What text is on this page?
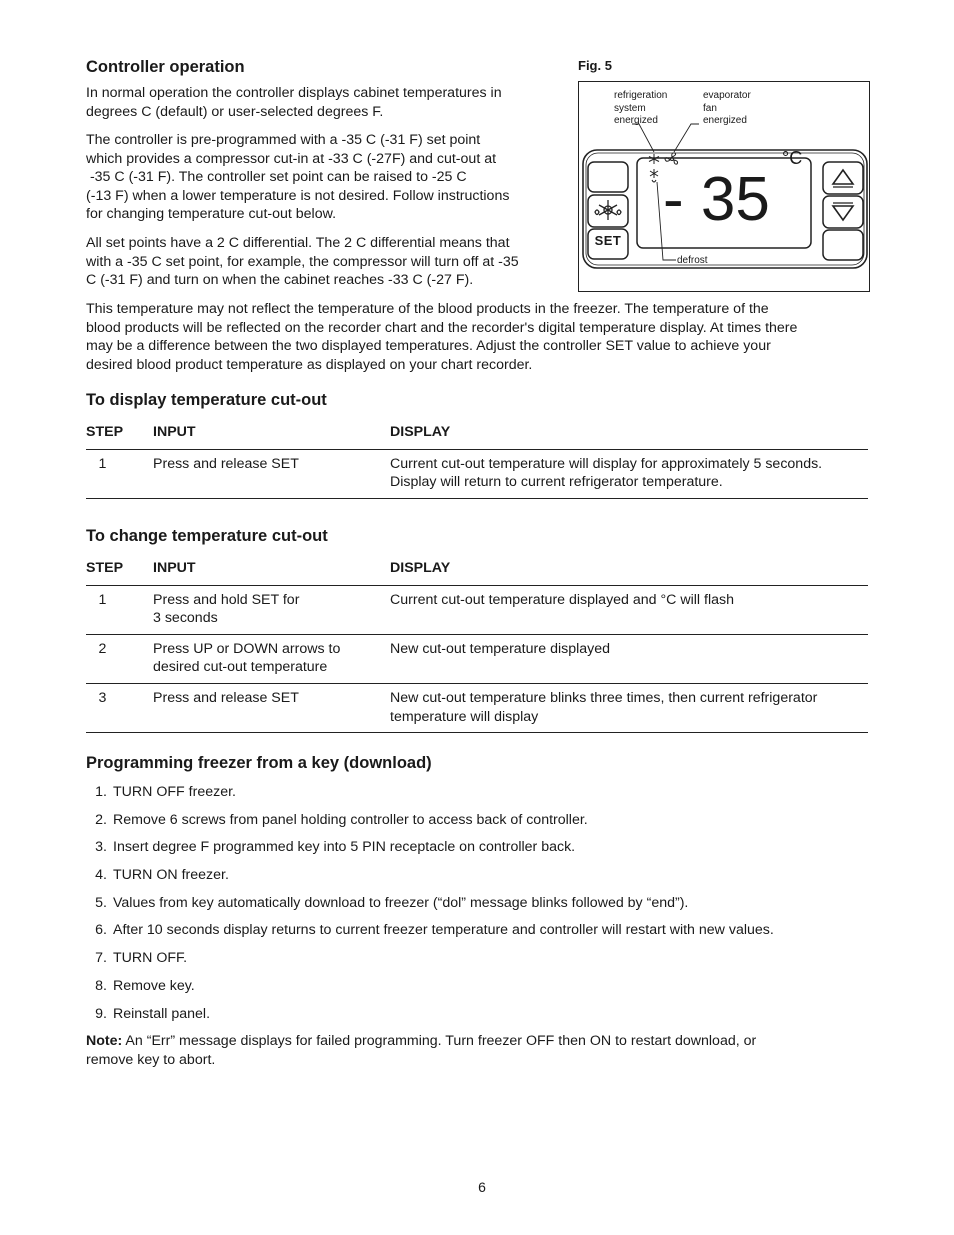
Controller operation
In normal operation the controller displays cabinet temperatures in
degrees C (default) or user-selected degrees F.
The controller is pre-programmed with a -35 C (-31 F) set point
which provides a compressor cut-in at -33 C (-27F) and cut-out at
-35 C (-31 F). The controller set point can be raised to -25 C
(-13 F) when a lower temperature is not desired. Follow instructions
for changing temperature cut-out below.
All set points have a 2 C differential. The 2 C differential means that
with a -35 C set point, for example, the compressor will turn off at -35
C (-31 F) and turn on when the cabinet reaches -33 C (-27 F).
This temperature may not reflect the temperature of the blood products in the freezer. The temperature of the
blood products will be reflected on the recorder chart and the recorder's digital temperature display. At times there
may be a difference between the two displayed temperatures. Adjust the controller SET value to achieve your
desired blood product temperature as displayed on your chart recorder.
Fig. 5
refrigeration
system
energized
evaporator
fan
energized
defrost
- 35
°C
SET
To display temperature cut-out
STEP	INPUT	DISPLAY
1	Press and release SET	Current cut-out temperature will display for approximately 5 seconds.
Display will return to current refrigerator temperature.
To change temperature cut-out
STEP	INPUT	DISPLAY
1	Press and hold SET for
3 seconds	Current cut-out temperature displayed and °C will flash

2	Press UP or DOWN arrows to
desired cut-out temperature	New cut-out temperature displayed

3	Press and release SET	New cut-out temperature blinks three times, then current refrigerator
temperature will display
Programming freezer from a key (download)
1. TURN OFF freezer.
2. Remove 6 screws from panel holding controller to access back of controller.
3. Insert degree F programmed key into 5 PIN receptacle on controller back.
4. TURN ON freezer.
5. Values from key automatically download to freezer (“dol” message blinks followed by “end”).
6. After 10 seconds display returns to current freezer temperature and controller will restart with new values.
7. TURN OFF.
8. Remove key.
9. Reinstall panel.
Note: An “Err” message displays for failed programming. Turn freezer OFF then ON to restart download, or
remove key to abort.
6
